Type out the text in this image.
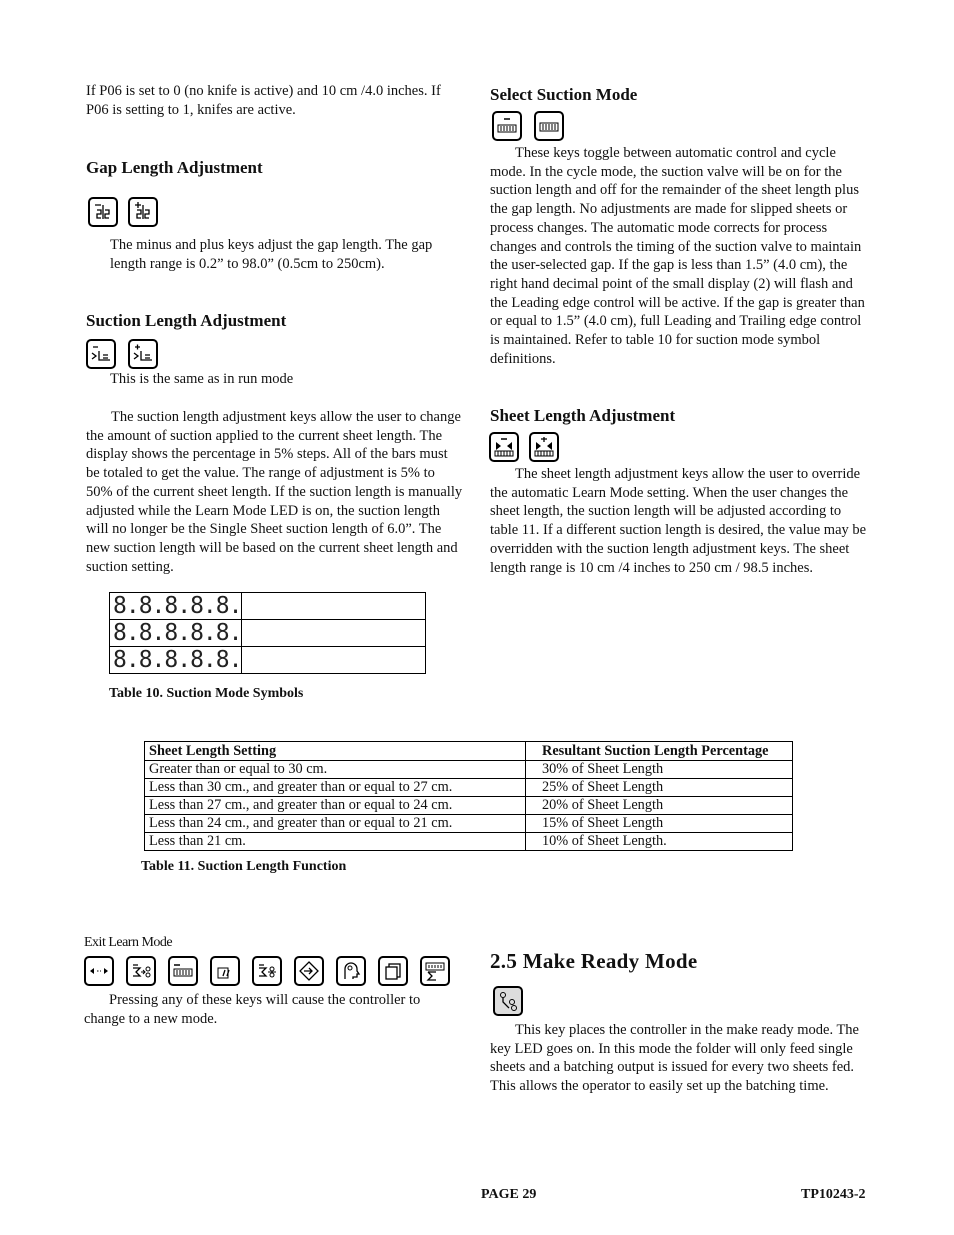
If P06 is set to 0 (no knife is active) and 10 cm /4.0 inches. If P06 is setting to 1, knifes are active.

Gap Length Adjustment

The minus and plus keys adjust the gap length. The gap length range is 0.2” to 98.0” (0.5cm to 250cm).

Suction Length Adjustment

This is the same as in run mode

The suction length adjustment keys allow the user to change the amount of suction applied to the current sheet length. The display shows the percentage in 5% steps. All of the bars must be totaled to get the value. The range of adjustment is 5% to 50% of the current sheet length. If the suction length is manually adjusted while the Learn Mode LED is on, the suction length will no longer be the Single Sheet suction length of 6.0”. The new suction length will be based on the current sheet length and suction setting.

8.8.8.8.8.	
8.8.8.8.8.	
8.8.8.8.8.	
Table 10. Suction Mode Symbols
Sheet Length Setting	Resultant Suction Length Percentage
Greater than or equal to 30 cm.	30% of Sheet Length
Less than 30 cm., and greater than or equal to 27 cm.	25% of Sheet Length
Less than 27 cm., and greater than or equal to 24 cm.	20% of Sheet Length
Less than 24 cm., and greater than or equal to 21 cm.	15% of Sheet Length
Less than 21 cm.	10% of Sheet Length.
Table 11. Suction Length Function
Exit Learn Mode

Pressing any of these keys will cause the controller to change to a new mode.

Select Suction Mode

These keys toggle between automatic control and cycle mode. In the cycle mode, the suction valve will be on for the suction length and off for the remainder of the sheet length plus the gap length. No adjustments are made for slipped sheets or process changes. The automatic mode corrects for process changes and controls the timing of the suction valve to maintain the user-selected gap. If the gap is less than 1.5” (4.0 cm), the right hand decimal point of the small display (2) will flash and the Leading edge control will be active. If the gap is greater than or equal to 1.5” (4.0 cm), full Leading and Trailing edge control is maintained. Refer to table 10 for suction mode symbol definitions.

Sheet Length Adjustment

The sheet length adjustment keys allow the user to override the automatic Learn Mode setting. When the user changes the sheet length, the suction length will be adjusted according to table 11. If a different suction length is desired, the value may be overridden with the suction length adjustment keys. The sheet length range is 10 cm /4 inches to 250 cm / 98.5 inches.

2.5 Make Ready Mode

This key places the controller in the make ready mode. The key LED goes on. In this mode the folder will only feed single sheets and a batching output is issued for every two sheets fed. This allows the operator to easily set up the batching time.

PAGE 29	TP10243-2
